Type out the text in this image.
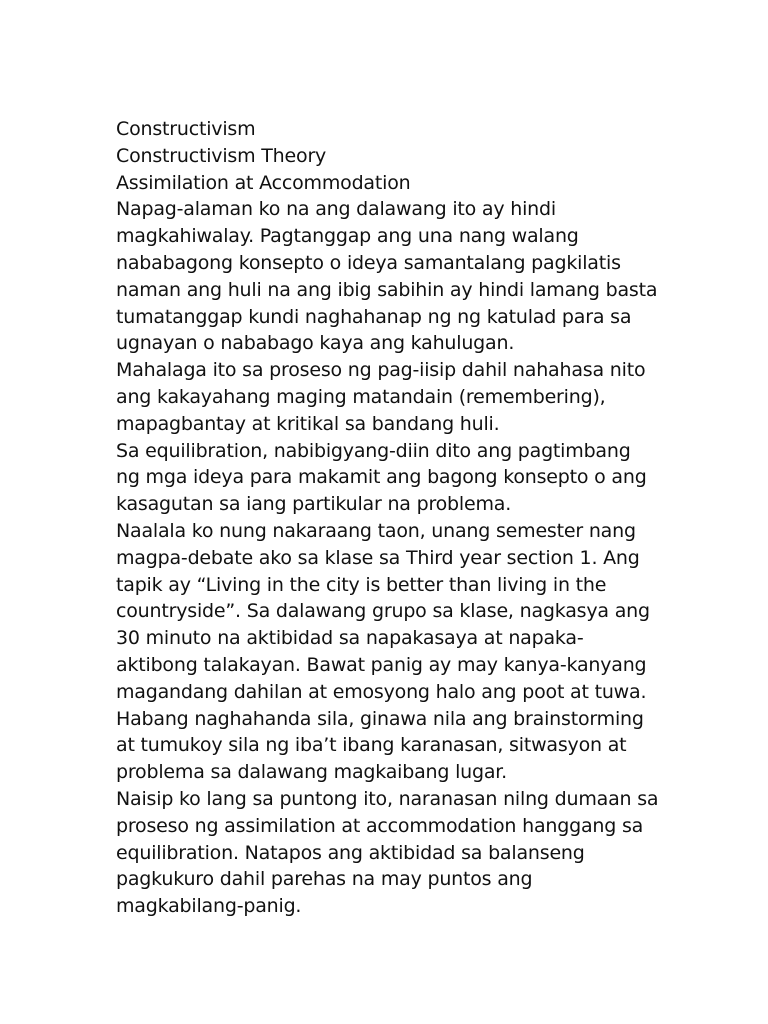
Constructivism
Constructivism Theory
Assimilation at Accommodation
Napag-alaman ko na ang dalawang ito ay hindi
magkahiwalay. Pagtanggap ang una nang walang
nababagong konsepto o ideya samantalang pagkilatis
naman ang huli na ang ibig sabihin ay hindi lamang basta
tumatanggap kundi naghahanap ng ng katulad para sa
ugnayan o nababago kaya ang kahulugan.
Mahalaga ito sa proseso ng pag-iisip dahil nahahasa nito
ang kakayahang maging matandain (remembering),
mapagbantay at kritikal sa bandang huli.
Sa equilibration, nabibigyang-diin dito ang pagtimbang
ng mga ideya para makamit ang bagong konsepto o ang
kasagutan sa iang partikular na problema.
Naalala ko nung nakaraang taon, unang semester nang
magpa-debate ako sa klase sa Third year section 1. Ang
tapik ay “Living in the city is better than living in the
countryside”. Sa dalawang grupo sa klase, nagkasya ang
30 minuto na aktibidad sa napakasaya at napaka-
aktibong talakayan. Bawat panig ay may kanya-kanyang
magandang dahilan at emosyong halo ang poot at tuwa.
Habang naghahanda sila, ginawa nila ang brainstorming
at tumukoy sila ng iba’t ibang karanasan, sitwasyon at
problema sa dalawang magkaibang lugar.
Naisip ko lang sa puntong ito, naranasan nilng dumaan sa
proseso ng assimilation at accommodation hanggang sa
equilibration. Natapos ang aktibidad sa balanseng
pagkukuro dahil parehas na may puntos ang
magkabilang-panig.
